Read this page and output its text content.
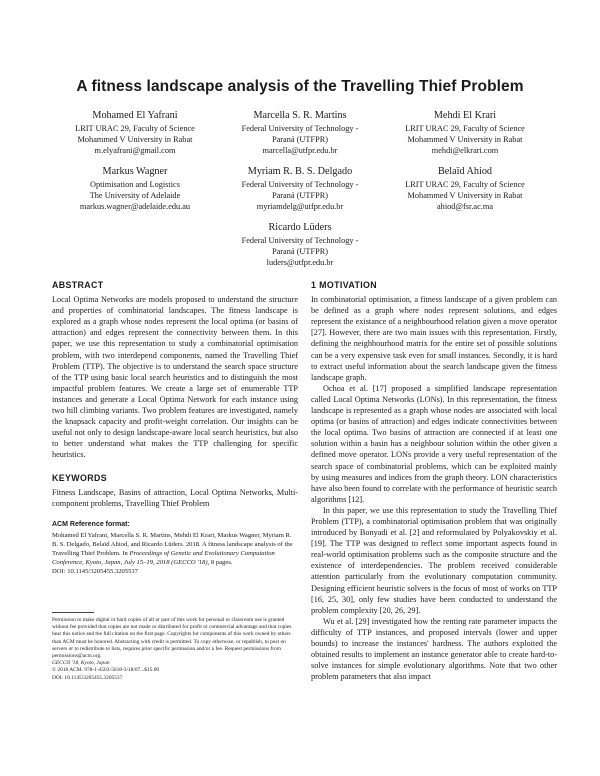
A fitness landscape analysis of the Travelling Thief Problem
Mohamed El Yafrani
LRIT URAC 29, Faculty of Science
Mohammed V University in Rabat
m.elyafrani@gmail.com
Marcella S. R. Martins
Federal University of Technology -
Paraná (UTFPR)
marcella@utfpr.edu.br
Mehdi El Krari
LRIT URAC 29, Faculty of Science
Mohammed V University in Rabat
mehdi@elkrari.com
Markus Wagner
Optimisation and Logistics
The University of Adelaide
markus.wagner@adelaide.edu.au
Myriam R. B. S. Delgado
Federal University of Technology -
Paraná (UTFPR)
myriamdelg@utfpr.edu.br
Belaïd Ahiod
LRIT URAC 29, Faculty of Science
Mohammed V University in Rabat
ahiod@fsr.ac.ma
Ricardo Lüders
Federal University of Technology -
Paraná (UTFPR)
luders@utfpr.edu.br
ABSTRACT

Local Optima Networks are models proposed to understand the structure and properties of combinatorial landscapes. The fitness landscape is explored as a graph whose nodes represent the local optima (or basins of attraction) and edges represent the connectivity between them. In this paper, we use this representation to study a combinatorial optimisation problem, with two interdepend components, named the Travelling Thief Problem (TTP). The objective is to understand the search space structure of the TTP using basic local search heuristics and to distinguish the most impactful problem features. We create a large set of enumerable TTP instances and generate a Local Optima Network for each instance using two hill climbing variants. Two problem features are investigated, namely the knapsack capacity and profit-weight correlation. Our insights can be useful not only to design landscape-aware local search heuristics, but also to better understand what makes the TTP challenging for specific heuristics.

KEYWORDS

Fitness Landscape, Basins of attraction, Local Optima Networks, Multi-component problems, Travelling Thief Problem

ACM Reference format:

Mohamed El Yafrani, Marcella S. R. Martins, Mehdi El Krari, Markus Wagner, Myriam R. B. S. Delgado, Belaïd Ahiod, and Ricardo Lüders. 2018. A fitness landscape analysis of the Travelling Thief Problem. In Proceedings of Genetic and Evolutionary Computation Conference, Kyoto, Japan, July 15–19, 2018 (GECCO '18), 8 pages.
DOI: 10.1145/3205455.3205537

Permission to make digital or hard copies of all or part of this work for personal or classroom use is granted without fee provided that copies are not made or distributed for profit or commercial advantage and that copies bear this notice and the full citation on the first page. Copyrights for components of this work owned by others than ACM must be honored. Abstracting with credit is permitted. To copy otherwise, or republish, to post on servers or to redistribute to lists, requires prior specific permission and/or a fee. Request permissions from permissions@acm.org.

GECCO '18, Kyoto, Japan

© 2018 ACM. 978-1-4503-5618-3/18/07...$15.00

DOI: 10.1145/3205455.3205537

1 MOTIVATION

In combinatorial optimisation, a fitness landscape of a given problem can be defined as a graph where nodes represent solutions, and edges represent the existance of a neighbourhood relation given a move operator [27]. However, there are two main issues with this representation. Firstly, defining the neighbourhood matrix for the entire set of possible solutions can be a very expensive task even for small instances. Secondly, it is hard to extract useful information about the search landscape given the fitness landscape graph.

Ochoa et al. [17] proposed a simplified landscape representation called Local Optima Networks (LONs). In this representation, the fitness landscape is represented as a graph whose nodes are associated with local optima (or basins of attraction) and edges indicate connectivities between the local optima. Two basins of attraction are connected if at least one solution within a basin has a neighbour solution within the other given a defined move operator. LONs provide a very useful representation of the search space of combinatorial problems, which can be exploited mainly by using measures and indices from the graph theory. LON characteristics have also been found to correlate with the performance of heuristic search algorithms [12].

In this paper, we use this representation to study the Travelling Thief Problem (TTP), a combinatorial optimisation problem that was originally introduced by Bonyadi et al. [2] and reformulated by Polyakovskiy et al. [19]. The TTP was designed to reflect some important aspects found in real-world optimisation problems such as the composite structure and the existence of interdependencies. The problem received considerable attention particularly from the evolutionary computation community. Designing efficient heuristic solvers is the focus of most of works on TTP [16, 25, 30], only few studies have been conducted to understand the problem complexity [20, 26, 29].

Wu et al. [29] investigated how the renting rate parameter impacts the difficulty of TTP instances, and proposed intervals (lower and upper bounds) to increase the instances' hardness. The authors exploited the obtained results to implement an instance generator able to create hard-to-solve instances for simple evolutionary algorithms. Note that two other problem parameters that also impact
